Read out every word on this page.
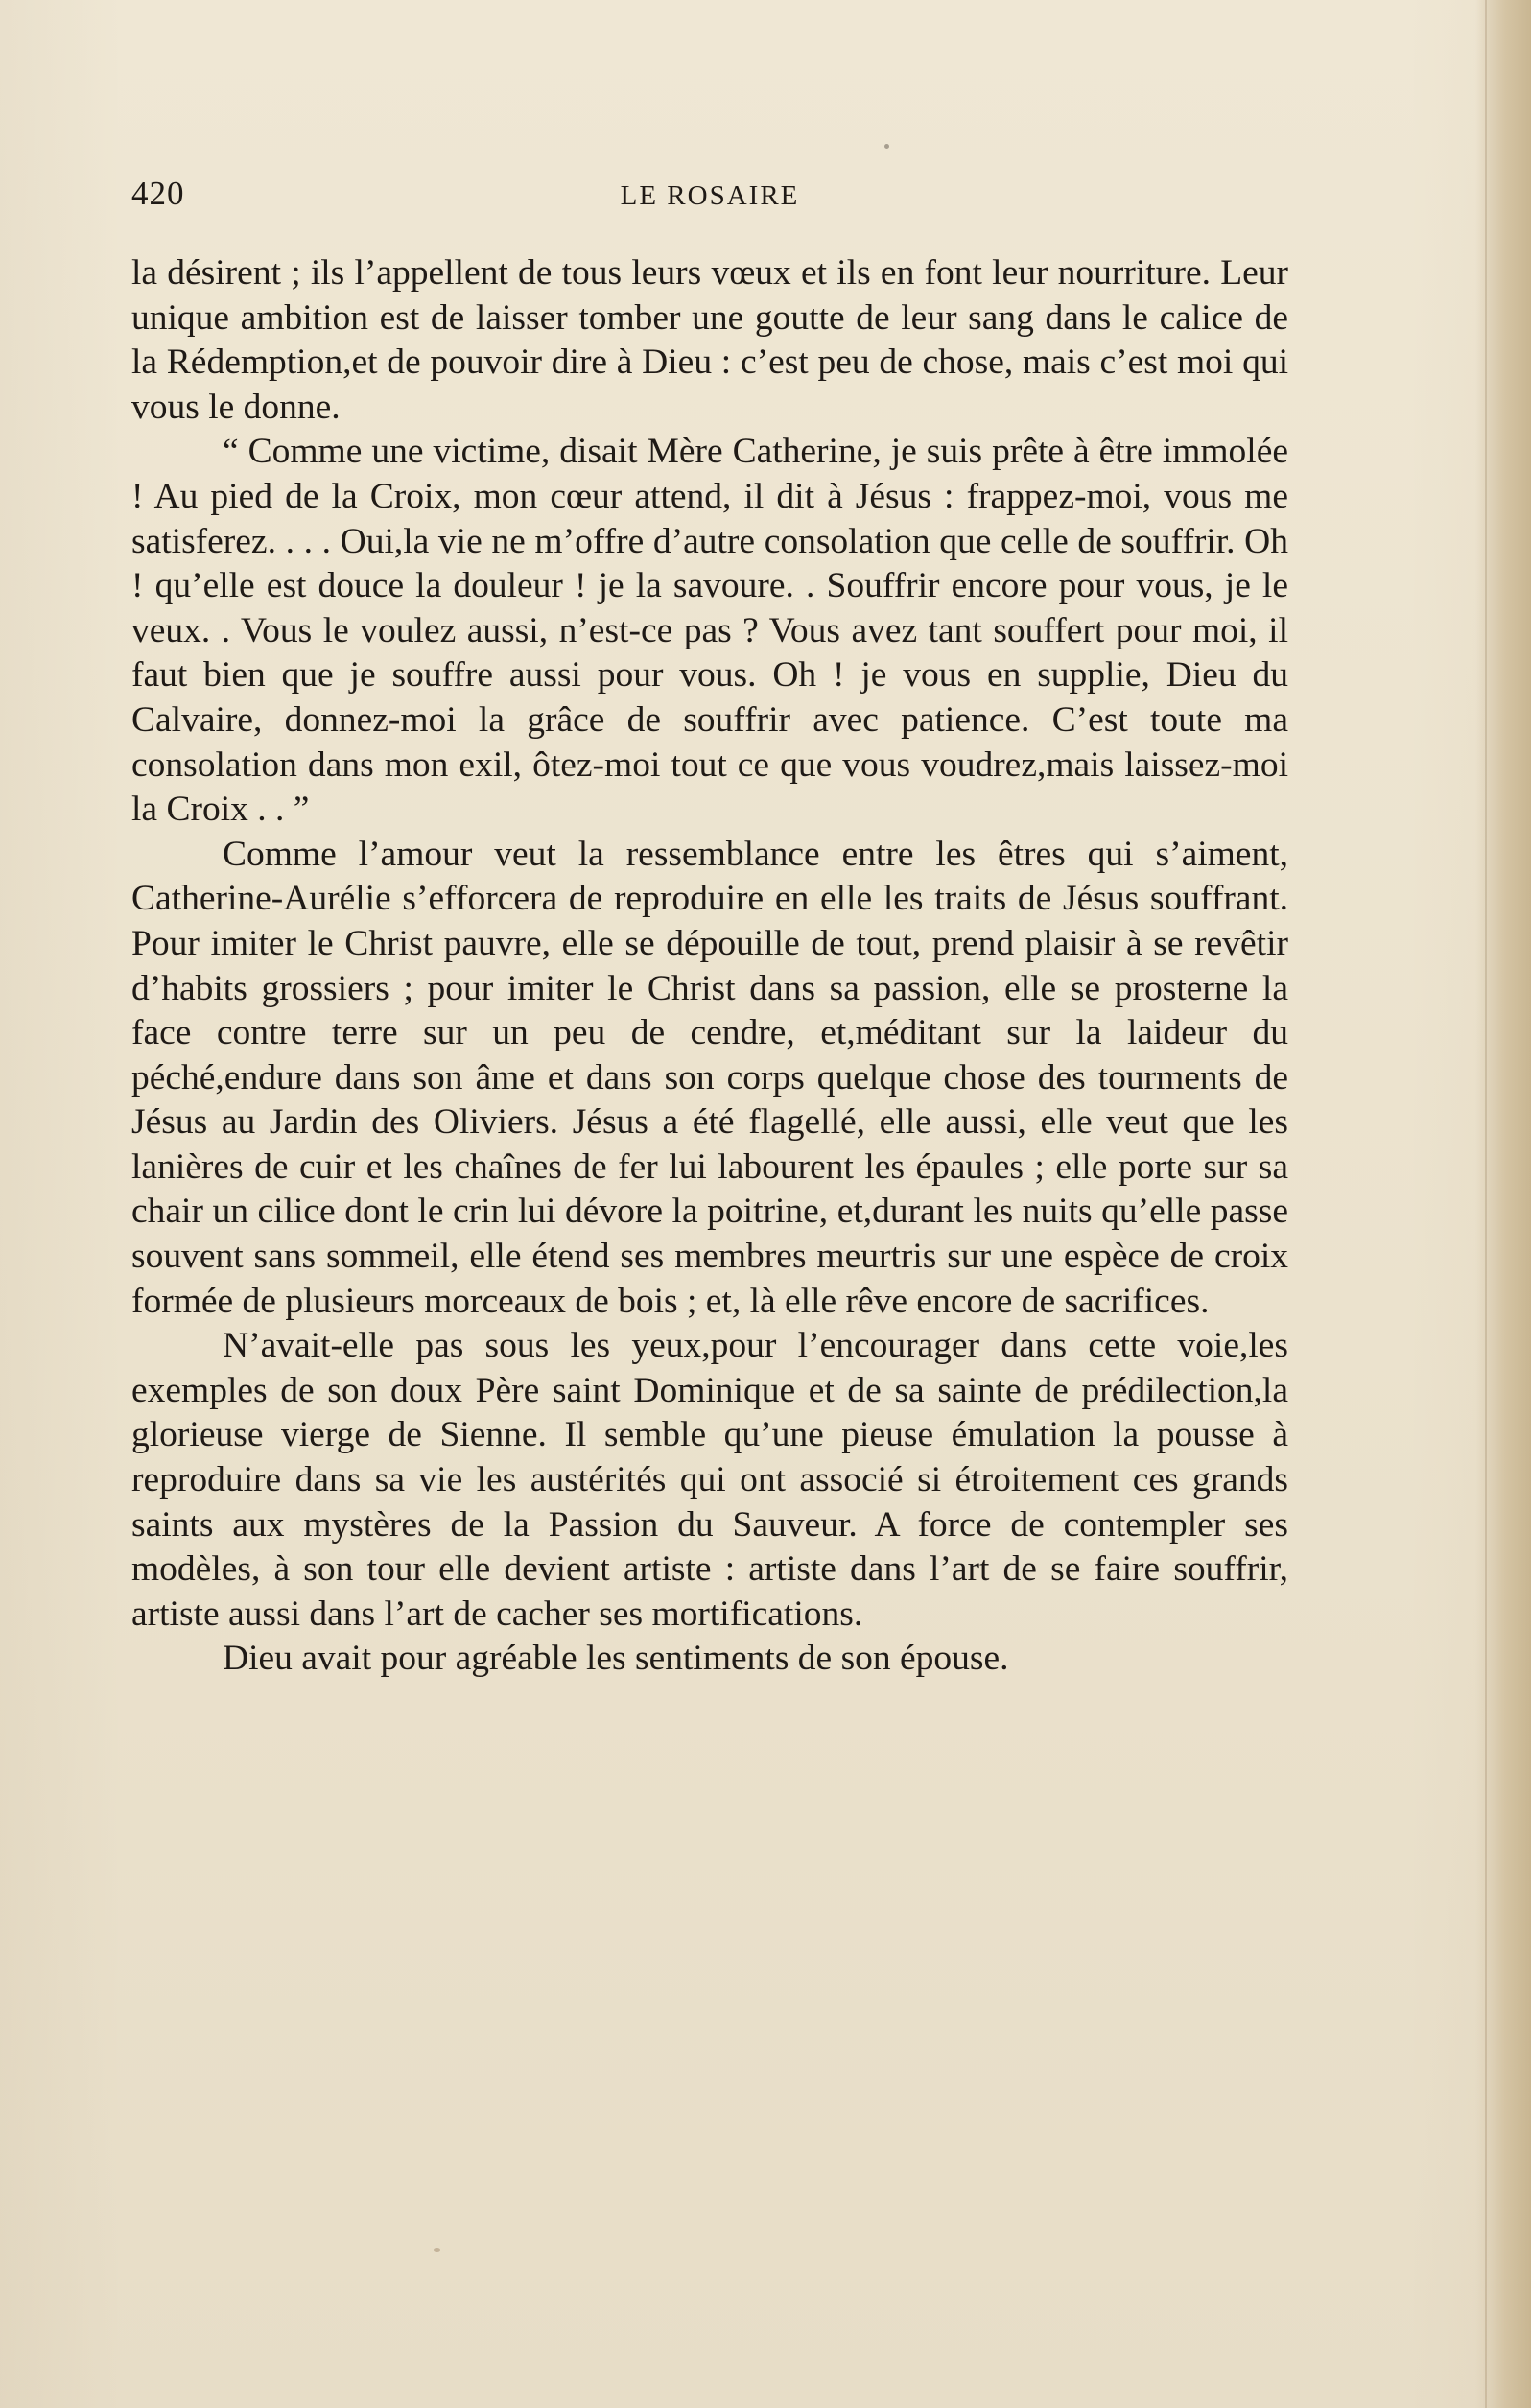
420	LE ROSAIRE

la désirent ; ils l’appellent de tous leurs vœux et ils en font leur nourriture. Leur unique ambition est de laisser tomber une goutte de leur sang dans le calice de la Rédemption,et de pouvoir dire à Dieu : c’est peu de chose, mais c’est moi qui vous le donne.

“ Comme une victime, disait Mère Catherine, je suis prête à être immolée ! Au pied de la Croix, mon cœur attend, il dit à Jésus : frappez-moi, vous me satisferez. . . . Oui,la vie ne m’offre d’autre consolation que celle de souffrir. Oh ! qu’elle est douce la douleur ! je la savoure. . Souffrir encore pour vous, je le veux. . Vous le voulez aussi, n’est-ce pas ? Vous avez tant souffert pour moi, il faut bien que je souffre aussi pour vous. Oh ! je vous en supplie, Dieu du Calvaire, donnez-moi la grâce de souffrir avec patience. C’est toute ma consolation dans mon exil, ôtez-moi tout ce que vous voudrez,mais laissez-moi la Croix . . ”

Comme l’amour veut la ressemblance entre les êtres qui s’aiment, Catherine-Aurélie s’efforcera de reproduire en elle les traits de Jésus souffrant. Pour imiter le Christ pauvre, elle se dépouille de tout, prend plaisir à se revêtir d’habits grossiers ; pour imiter le Christ dans sa passion, elle se prosterne la face contre terre sur un peu de cendre, et,méditant sur la laideur du péché,endure dans son âme et dans son corps quelque chose des tourments de Jésus au Jardin des Oliviers. Jésus a été flagellé, elle aussi, elle veut que les lanières de cuir et les chaînes de fer lui labourent les épaules ; elle porte sur sa chair un cilice dont le crin lui dévore la poitrine, et,durant les nuits qu’elle passe souvent sans sommeil, elle étend ses membres meurtris sur une espèce de croix formée de plusieurs morceaux de bois ; et, là elle rêve encore de sacrifices.

N’avait-elle pas sous les yeux,pour l’encourager dans cette voie,les exemples de son doux Père saint Dominique et de sa sainte de prédilection,la glorieuse vierge de Sienne. Il semble qu’une pieuse émulation la pousse à reproduire dans sa vie les austérités qui ont associé si étroitement ces grands saints aux mystères de la Passion du Sauveur. A force de contempler ses modèles, à son tour elle devient artiste : artiste dans l’art de se faire souffrir, artiste aussi dans l’art de cacher ses mortifications.

Dieu avait pour agréable les sentiments de son épouse.
